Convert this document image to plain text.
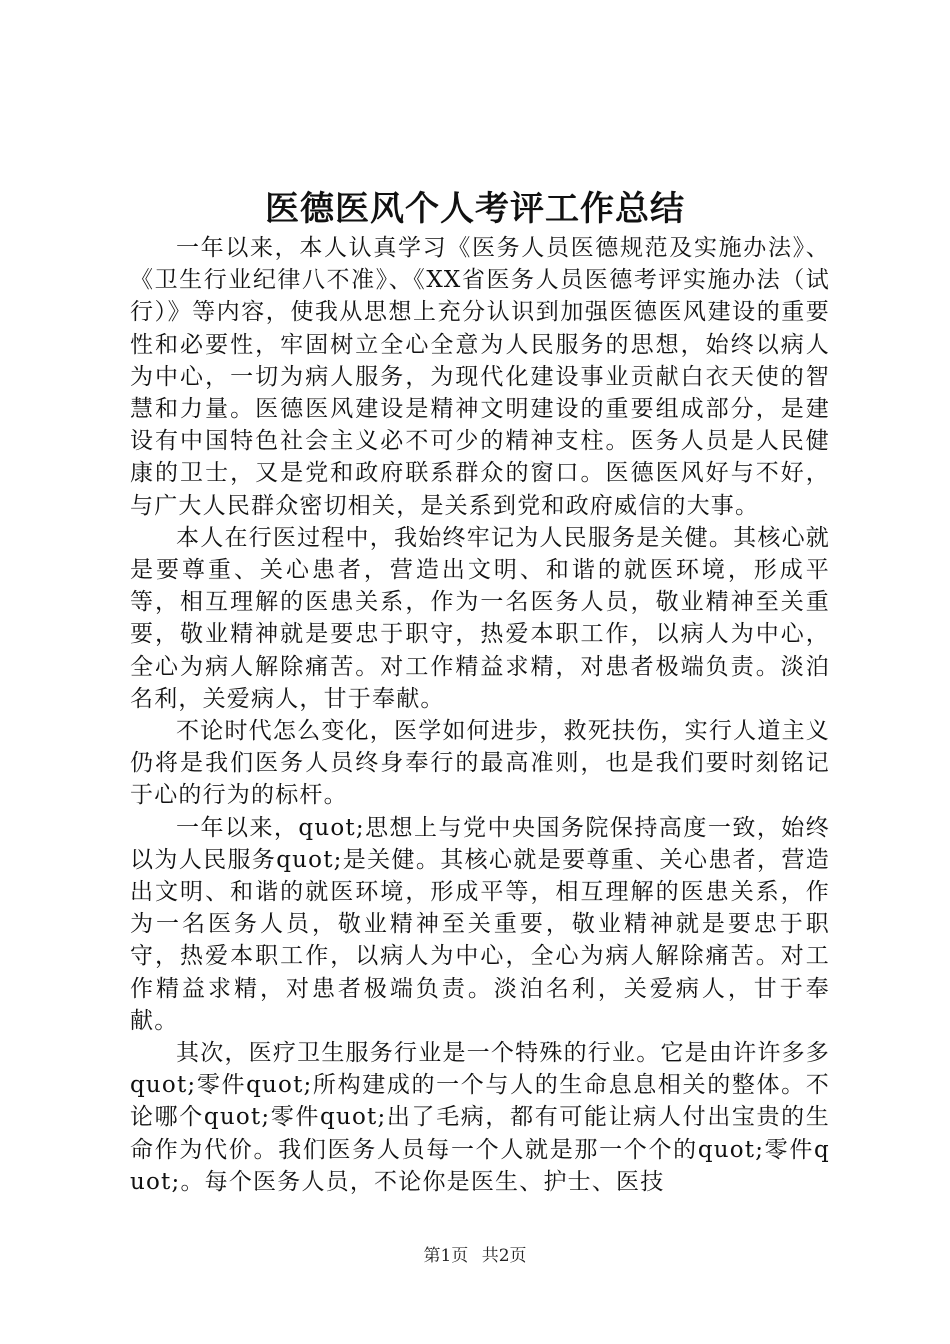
医德医风个人考评工作总结

一年以来，本人认真学习《医务人员医德规范及实施办法》、《卫生行业纪律八不准》、《XX省医务人员医德考评实施办法（试行）》等内容，使我从思想上充分认识到加强医德医风建设的重要性和必要性，牢固树立全心全意为人民服务的思想，始终以病人为中心，一切为病人服务，为现代化建设事业贡献白衣天使的智慧和力量。医德医风建设是精神文明建设的重要组成部分，是建设有中国特色社会主义必不可少的精神支柱。医务人员是人民健康的卫士，又是党和政府联系群众的窗口。医德医风好与不好，与广大人民群众密切相关，是关系到党和政府威信的大事。

本人在行医过程中，我始终牢记为人民服务是关健。其核心就是要尊重、关心患者，营造出文明、和谐的就医环境，形成平等，相互理解的医患关系，作为一名医务人员，敬业精神至关重要，敬业精神就是要忠于职守，热爱本职工作，以病人为中心，全心为病人解除痛苦。对工作精益求精，对患者极端负责。淡泊名利，关爱病人，甘于奉献。

不论时代怎么变化，医学如何进步，救死扶伤，实行人道主义仍将是我们医务人员终身奉行的最高准则，也是我们要时刻铭记于心的行为的标杆。

一年以来，quot;思想上与党中央国务院保持高度一致，始终以为人民服务quot;是关健。其核心就是要尊重、关心患者，营造出文明、和谐的就医环境，形成平等，相互理解的医患关系，作为一名医务人员，敬业精神至关重要，敬业精神就是要忠于职守，热爱本职工作，以病人为中心，全心为病人解除痛苦。对工作精益求精，对患者极端负责。淡泊名利，关爱病人，甘于奉献。

其次，医疗卫生服务行业是一个特殊的行业。它是由许许多多quot;零件quot;所构建成的一个与人的生命息息相关的整体。不论哪个quot;零件quot;出了毛病，都有可能让病人付出宝贵的生命作为代价。我们医务人员每一个人就是那一个个的quot;零件quot;。每个医务人员，不论你是医生、护士、医技

第1页 共2页
